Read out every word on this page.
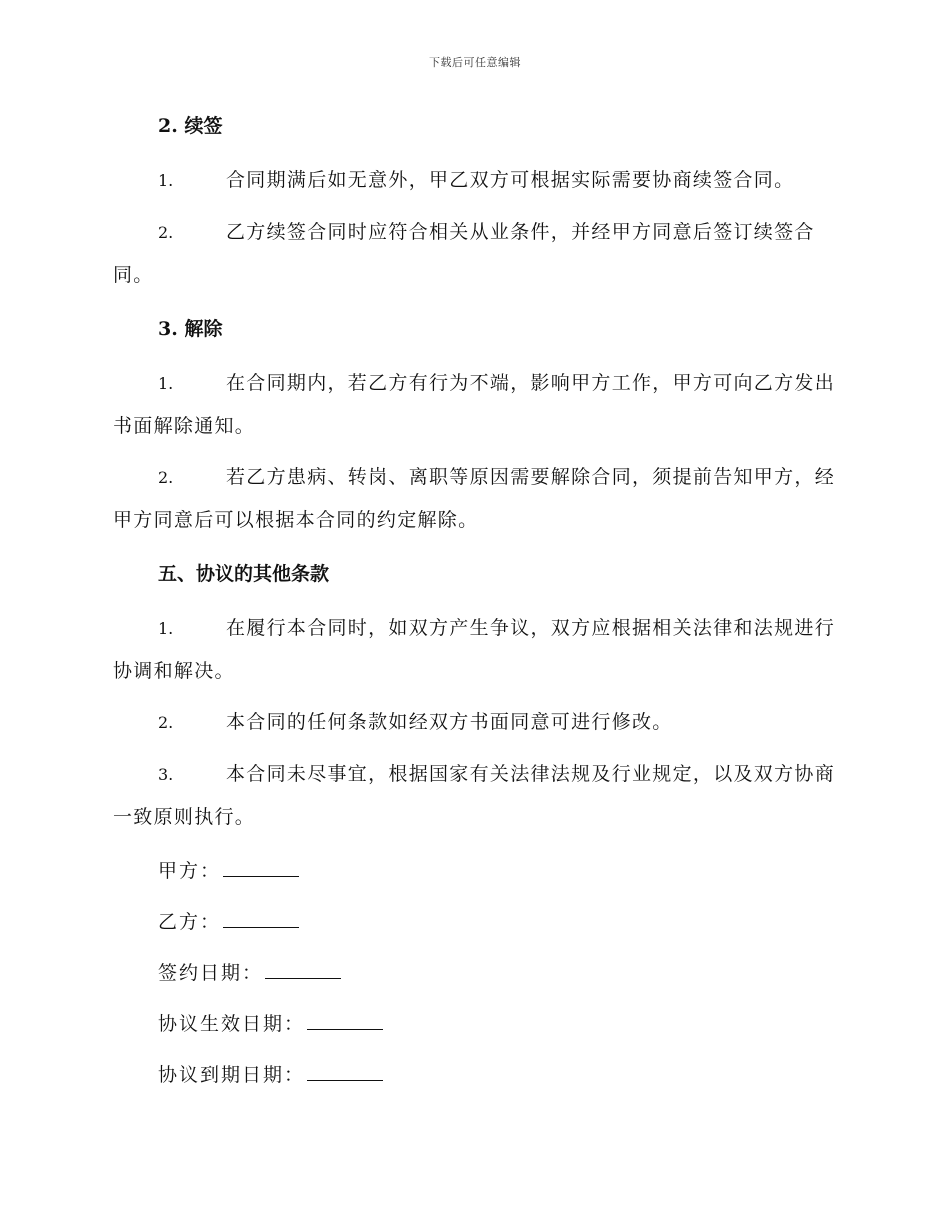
下载后可任意编辑

2. 续签

1.	合同期满后如无意外，甲乙双方可根据实际需要协商续签合同。

2.	乙方续签合同时应符合相关从业条件，并经甲方同意后签订续签合同。

3. 解除

1.	在合同期内，若乙方有行为不端，影响甲方工作，甲方可向乙方发出书面解除通知。

2.	若乙方患病、转岗、离职等原因需要解除合同，须提前告知甲方，经甲方同意后可以根据本合同的约定解除。

五、协议的其他条款

1.	在履行本合同时，如双方产生争议，双方应根据相关法律和法规进行协调和解决。

2.	本合同的任何条款如经双方书面同意可进行修改。

3.	本合同未尽事宜，根据国家有关法律法规及行业规定，以及双方协商一致原则执行。

甲方：

乙方：

签约日期：

协议生效日期：

协议到期日期：
